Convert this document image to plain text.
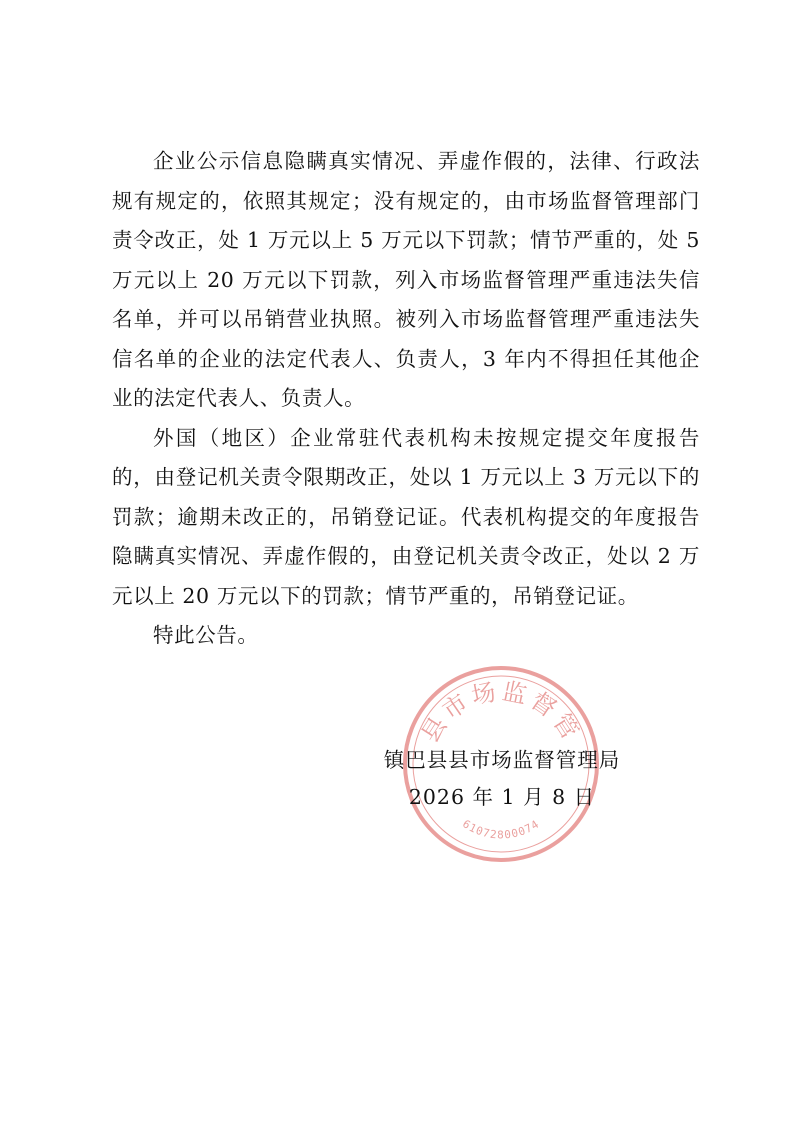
企业公示信息隐瞒真实情况、弄虚作假的，法律、行政法规有规定的，依照其规定；没有规定的，由市场监督管理部门责令改正，处 1 万元以上 5 万元以下罚款；情节严重的，处 5 万元以上 20 万元以下罚款，列入市场监督管理严重违法失信名单，并可以吊销营业执照。被列入市场监督管理严重违法失信名单的企业的法定代表人、负责人，3 年内不得担任其他企业的法定代表人、负责人。

外国（地区）企业常驻代表机构未按规定提交年度报告的，由登记机关责令限期改正，处以 1 万元以上 3 万元以下的罚款；逾期未改正的，吊销登记证。代表机构提交的年度报告隐瞒真实情况、弄虚作假的，由登记机关责令改正，处以 2 万元以上 20 万元以下的罚款；情节严重的，吊销登记证。

特此公告。

县市场监督管
61072800074
镇巴县县市场监督管理局
2026 年 1 月 8 日
